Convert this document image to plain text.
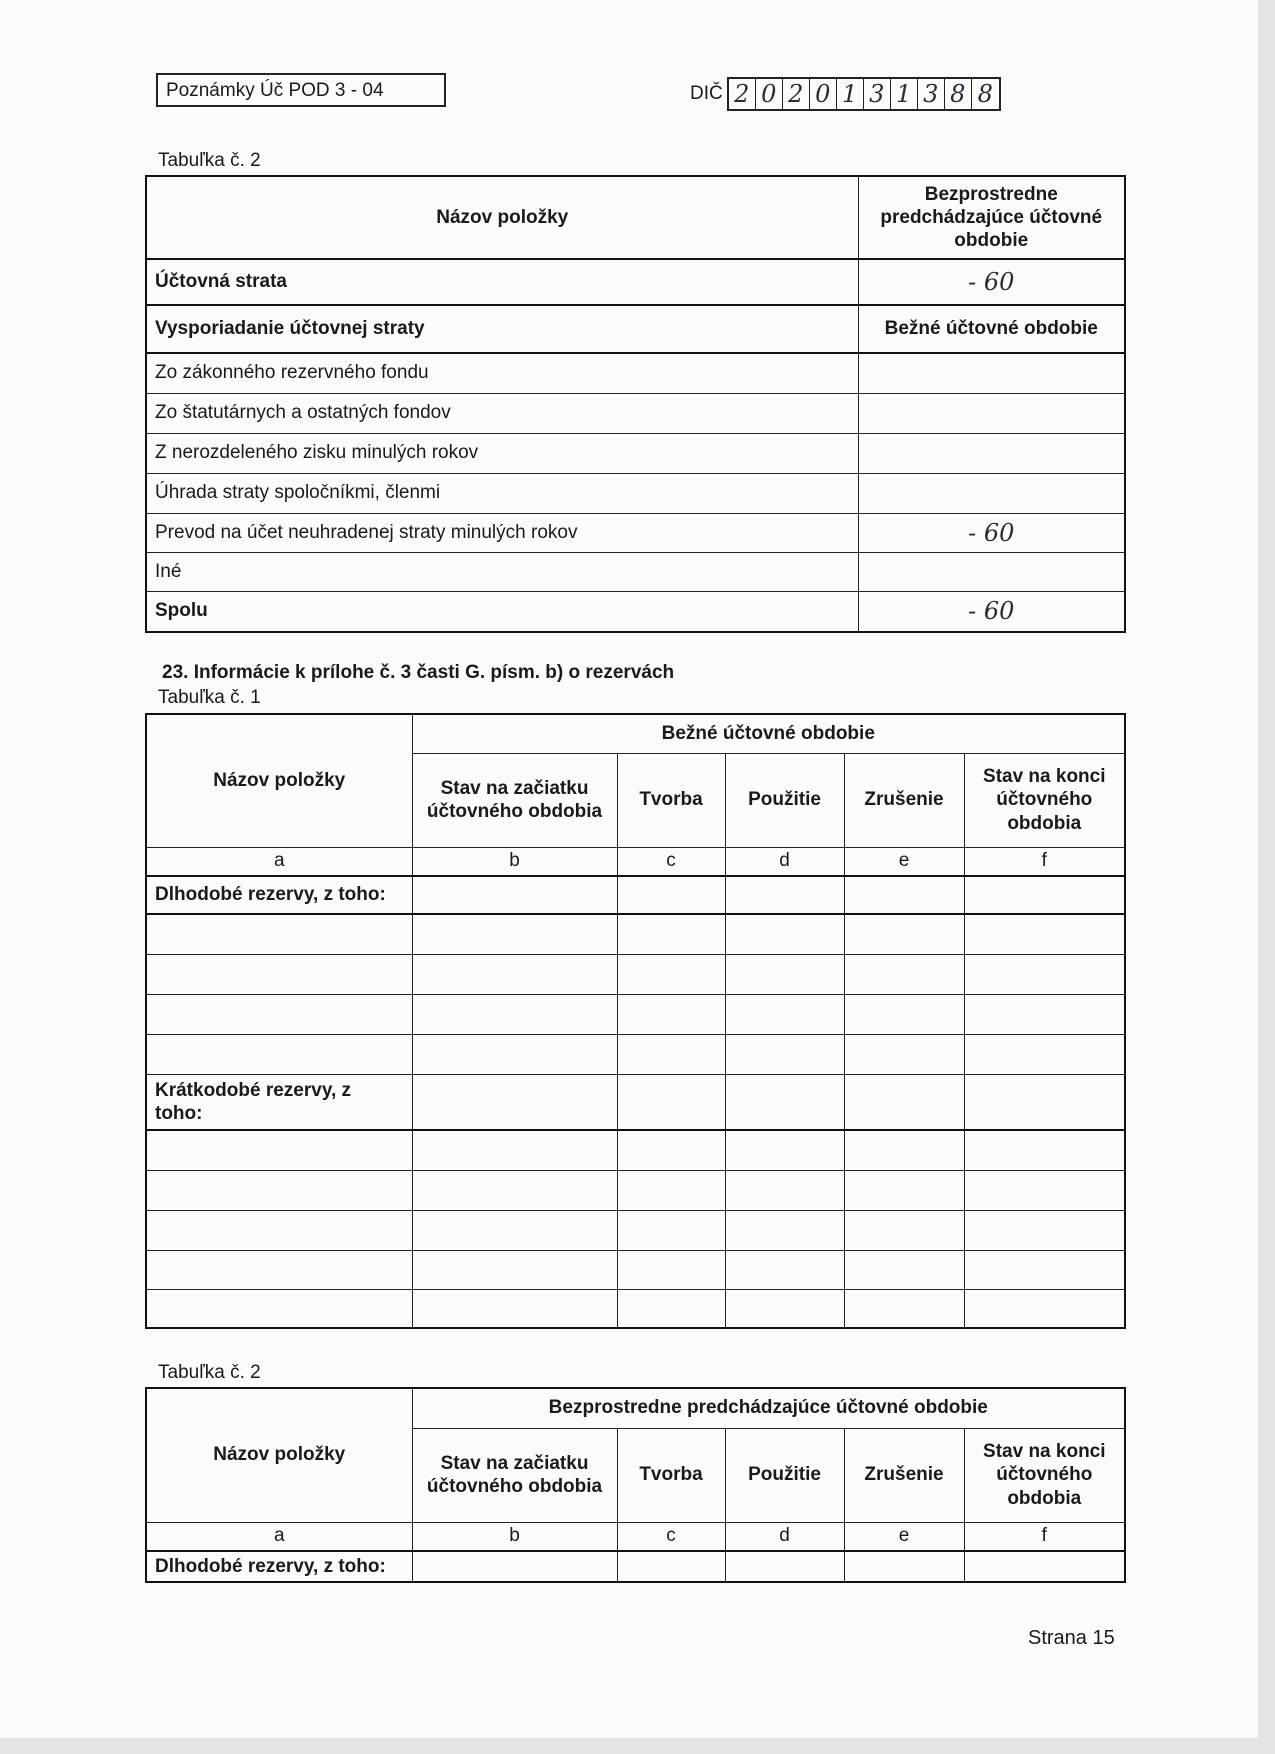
Poznámky Úč POD 3 - 04	DIČ 2 0 2 0 1 3 1 3 8 8
Tabuľka č. 2
Názov položky	Bezprostredne predchádzajúce účtovné obdobie
Účtovná strata	- 60
Vysporiadanie účtovnej straty	Bežné účtovné obdobie
Zo zákonného rezervného fondu	
Zo štatutárnych a ostatných fondov	
Z nerozdeleného zisku minulých rokov	
Úhrada straty spoločníkmi, členmi	
Prevod na účet neuhradenej straty minulých rokov	- 60
Iné	
Spolu	- 60
23. Informácie k prílohe č. 3 časti G. písm. b) o rezervách
Tabuľka č. 1
Názov položky	Bežné účtovné obdobie				
	Stav na začiatku účtovného obdobia	Tvorba	Použitie	Zrušenie	Stav na konci účtovného obdobia
a	b	c	d	e	f
Dlhodobé rezervy, z toho:					

Krátkodobé rezervy, z toho:					

Tabuľka č. 2
Názov položky	Bezprostredne predchádzajúce účtovné obdobie				
	Stav na začiatku účtovného obdobia	Tvorba	Použitie	Zrušenie	Stav na konci účtovného obdobia
a	b	c	d	e	f
Dlhodobé rezervy, z toho:					
Strana 15
